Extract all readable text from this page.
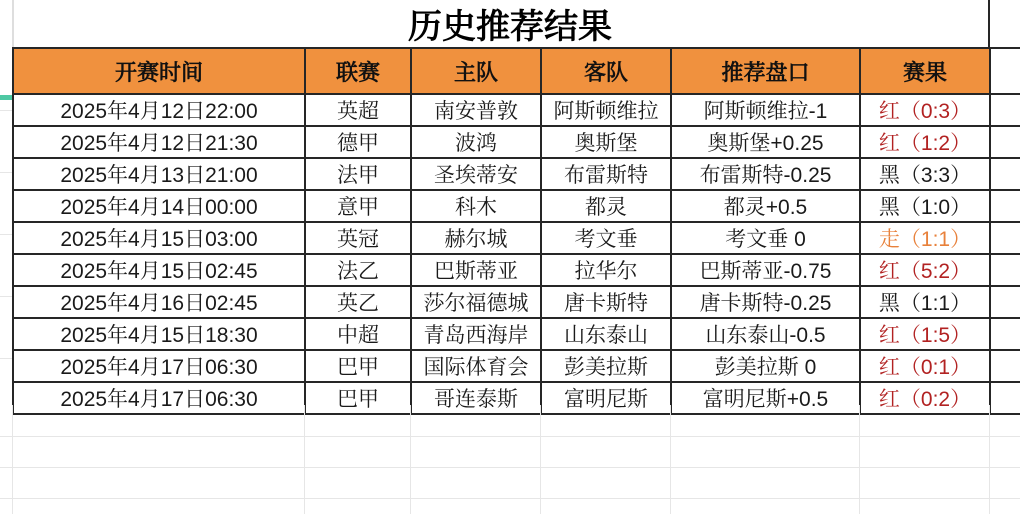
历史推荐结果
开赛时间	联赛	主队	客队	推荐盘口	赛果	
2025年4月12日22:00	英超	南安普敦	阿斯顿维拉	阿斯顿维拉-1	红（0:3）	
2025年4月12日21:30	德甲	波鸿	奥斯堡	奥斯堡+0.25	红（1:2）	
2025年4月13日21:00	法甲	圣埃蒂安	布雷斯特	布雷斯特-0.25	黑（3:3）	
2025年4月14日00:00	意甲	科木	都灵	都灵+0.5	黑（1:0）	
2025年4月15日03:00	英冠	赫尔城	考文垂	考文垂 0	走（1:1）	
2025年4月15日02:45	法乙	巴斯蒂亚	拉华尔	巴斯蒂亚-0.75	红（5:2）	
2025年4月16日02:45	英乙	莎尔福德城	唐卡斯特	唐卡斯特-0.25	黑（1:1）	
2025年4月15日18:30	中超	青岛西海岸	山东泰山	山东泰山-0.5	红（1:5）	
2025年4月17日06:30	巴甲	国际体育会	彭美拉斯	彭美拉斯 0	红（0:1）	
2025年4月17日06:30	巴甲	哥连泰斯	富明尼斯	富明尼斯+0.5	红（0:2）	
